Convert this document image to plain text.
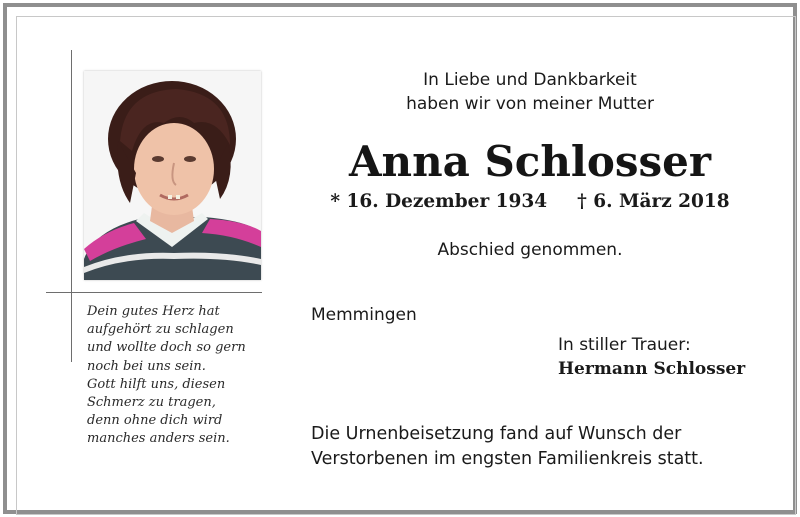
Dein gutes Herz hat
aufgehört zu schlagen
und wollte doch so gern
noch bei uns sein.
Gott hilft uns, diesen
Schmerz zu tragen,
denn ohne dich wird
manches anders sein.
In Liebe und Dankbarkeit
haben wir von meiner Mutter
Anna Schlosser
* 16. Dezember 1934 † 6. März 2018
Abschied genommen.
Memmingen
In stiller Trauer:
Hermann Schlosser
Die Urnenbeisetzung fand auf Wunsch der
Verstorbenen im engsten Familienkreis statt.
